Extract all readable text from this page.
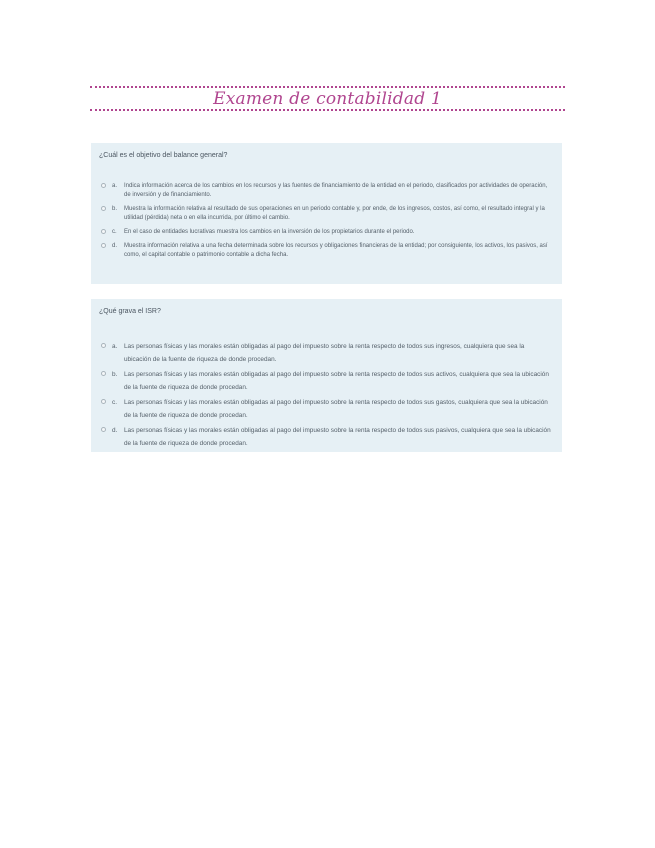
Examen de contabilidad 1
¿Cuál es el objetivo del balance general?
a. Indica información acerca de los cambios en los recursos y las fuentes de financiamiento de la entidad en el periodo, clasificados por actividades de operación, de inversión y de financiamiento.
b. Muestra la información relativa al resultado de sus operaciones en un periodo contable y, por ende, de los ingresos, costos, así como, el resultado integral y la utilidad (pérdida) neta o en ella incurrida, por último el cambio.
c. En el caso de entidades lucrativas muestra los cambios en la inversión de los propietarios durante el periodo.
d. Muestra información relativa a una fecha determinada sobre los recursos y obligaciones financieras de la entidad; por consiguiente, los activos, los pasivos, así como, el capital contable o patrimonio contable a dicha fecha.
¿Qué grava el ISR?
a. Las personas físicas y las morales están obligadas al pago del impuesto sobre la renta respecto de todos sus ingresos, cualquiera que sea la ubicación de la fuente de riqueza de donde procedan.
b. Las personas físicas y las morales están obligadas al pago del impuesto sobre la renta respecto de todos sus activos, cualquiera que sea la ubicación de la fuente de riqueza de donde procedan.
c. Las personas físicas y las morales están obligadas al pago del impuesto sobre la renta respecto de todos sus gastos, cualquiera que sea la ubicación de la fuente de riqueza de donde procedan.
d. Las personas físicas y las morales están obligadas al pago del impuesto sobre la renta respecto de todos sus pasivos, cualquiera que sea la ubicación de la fuente de riqueza de donde procedan.
